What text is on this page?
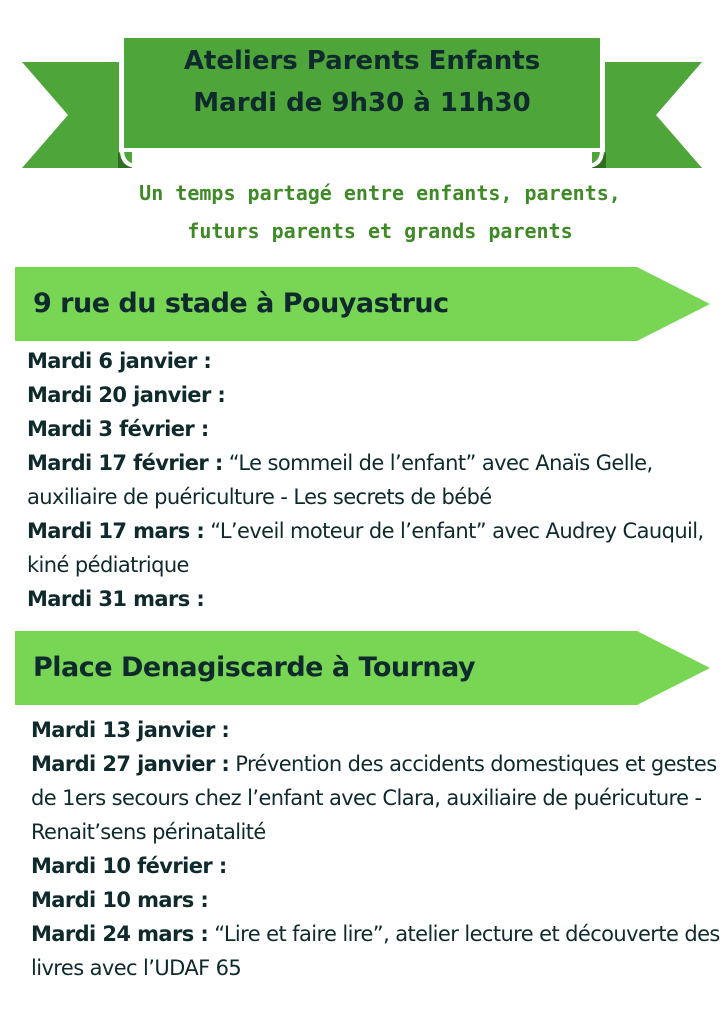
Ateliers Parents Enfants
Mardi de 9h30 à 11h30
Un temps partagé entre enfants, parents,
futurs parents et grands parents
9 rue du stade à Pouyastruc
Mardi 6 janvier :
Mardi 20 janvier :
Mardi 3 février :
Mardi 17 février : “Le sommeil de l’enfant” avec Anaïs Gelle, auxiliaire de puériculture - Les secrets de bébé
Mardi 17 mars : “L’eveil moteur de l’enfant” avec Audrey Cauquil, kiné pédiatrique
Mardi 31 mars :
Place Denagiscarde à Tournay
Mardi 13 janvier :
Mardi 27 janvier : Prévention des accidents domestiques et gestes de 1ers secours chez l’enfant avec Clara, auxiliaire de puéricuture - Renait’sens périnatalité
Mardi 10 février :
Mardi 10 mars :
Mardi 24 mars : “Lire et faire lire”, atelier lecture et découverte des livres avec l’UDAF 65
